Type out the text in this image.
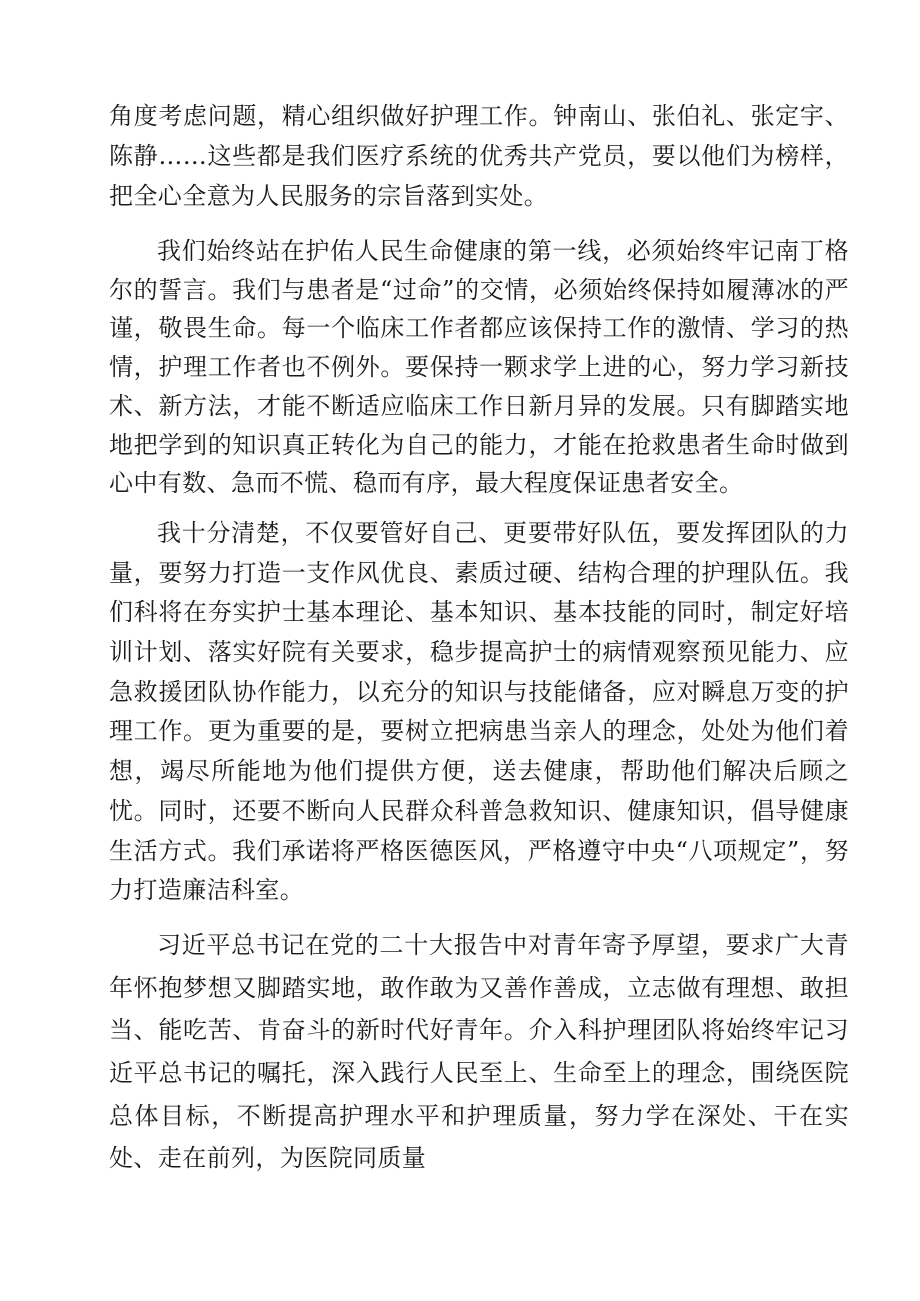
角度考虑问题，精心组织做好护理工作。钟南山、张伯礼、张定宇、陈静……这些都是我们医疗系统的优秀共产党员，要以他们为榜样，把全心全意为人民服务的宗旨落到实处。

我们始终站在护佑人民生命健康的第一线，必须始终牢记南丁格尔的誓言。我们与患者是“过命”的交情，必须始终保持如履薄冰的严谨，敬畏生命。每一个临床工作者都应该保持工作的激情、学习的热情，护理工作者也不例外。要保持一颗求学上进的心，努力学习新技术、新方法，才能不断适应临床工作日新月异的发展。只有脚踏实地地把学到的知识真正转化为自己的能力，才能在抢救患者生命时做到心中有数、急而不慌、稳而有序，最大程度保证患者安全。

我十分清楚，不仅要管好自己、更要带好队伍，要发挥团队的力量，要努力打造一支作风优良、素质过硬、结构合理的护理队伍。我们科将在夯实护士基本理论、基本知识、基本技能的同时，制定好培训计划、落实好院有关要求，稳步提高护士的病情观察预见能力、应急救援团队协作能力，以充分的知识与技能储备，应对瞬息万变的护理工作。更为重要的是，要树立把病患当亲人的理念，处处为他们着想，竭尽所能地为他们提供方便，送去健康，帮助他们解决后顾之忧。同时，还要不断向人民群众科普急救知识、健康知识，倡导健康生活方式。我们承诺将严格医德医风，严格遵守中央“八项规定”，努力打造廉洁科室。

习近平总书记在党的二十大报告中对青年寄予厚望，要求广大青年怀抱梦想又脚踏实地，敢作敢为又善作善成，立志做有理想、敢担当、能吃苦、肯奋斗的新时代好青年。介入科护理团队将始终牢记习近平总书记的嘱托，深入践行人民至上、生命至上的理念，围绕医院总体目标，不断提高护理水平和护理质量，努力学在深处、干在实处、走在前列，为医院同质量
